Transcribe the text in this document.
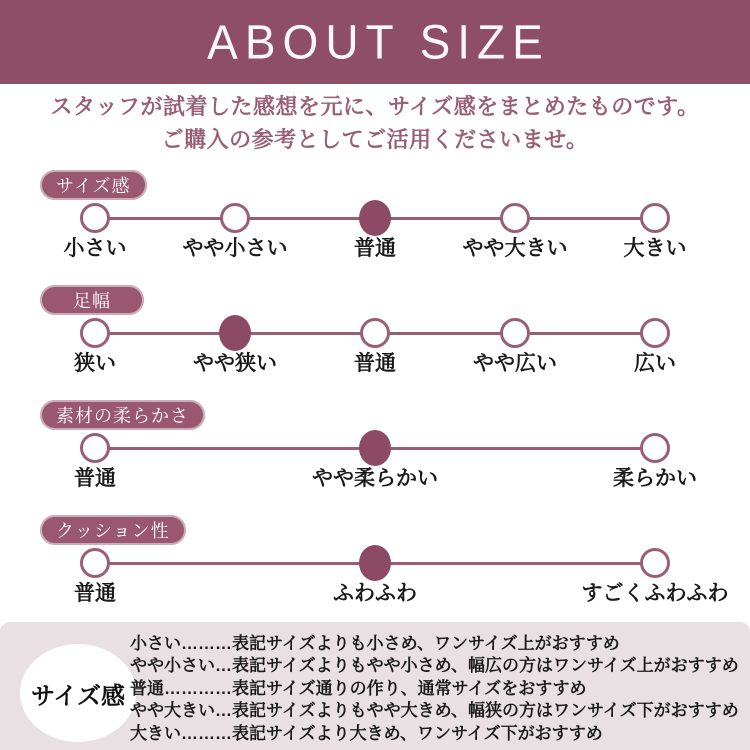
ABOUT SIZE
スタッフが試着した感想を元に、サイズ感をまとめたものです。
ご購入の参考としてご活用くださいませ。
サイズ感
小さい	やや小さい	普通	やや大きい	大きい
足幅
狭い	やや狭い	普通	やや広い	広い
素材の柔らかさ
普通	やや柔らかい	柔らかい
クッション性
普通	ふわふわ	すごくふわふわ
サイズ感
小さい………表記サイズよりも小さめ、ワンサイズ上がおすすめ
やや小さい…表記サイズよりもやや小さめ、幅広の方はワンサイズ上がおすすめ
普通…………表記サイズ通りの作り、通常サイズをおすすめ
やや大きい…表記サイズよりもやや大きめ、幅狭の方はワンサイズ下がおすすめ
大きい………表記サイズより大きめ、ワンサイズ下がおすすめ
